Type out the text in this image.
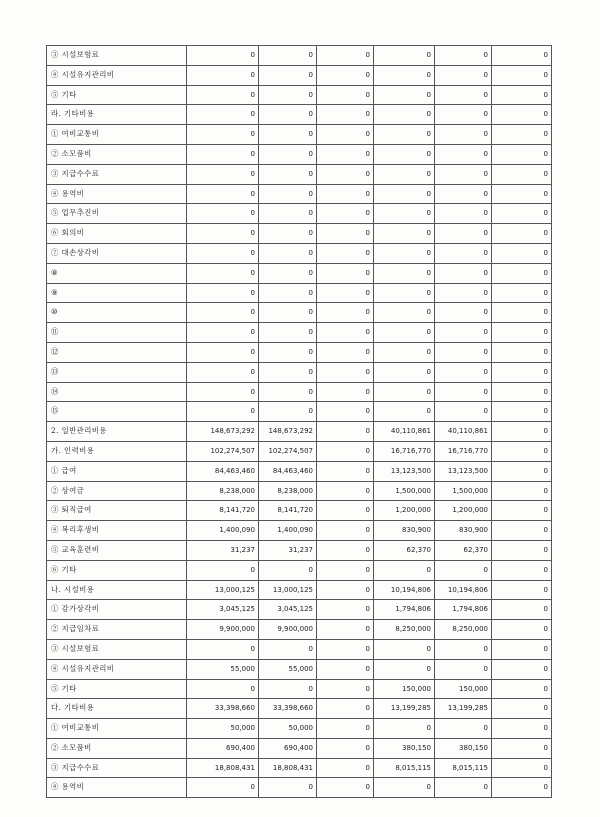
③ 시설보험료	0	0	0	0	0	0
④ 시설유지관리비	0	0	0	0	0	0
⑤ 기타	0	0	0	0	0	0
라. 기타비용	0	0	0	0	0	0
① 여비교통비	0	0	0	0	0	0
② 소모품비	0	0	0	0	0	0
③ 지급수수료	0	0	0	0	0	0
④ 용역비	0	0	0	0	0	0
⑤ 업무추진비	0	0	0	0	0	0
⑥ 회의비	0	0	0	0	0	0
⑦ 대손상각비	0	0	0	0	0	0
⑧	0	0	0	0	0	0
⑨	0	0	0	0	0	0
⑩	0	0	0	0	0	0
⑪	0	0	0	0	0	0
⑫	0	0	0	0	0	0
⑬	0	0	0	0	0	0
⑭	0	0	0	0	0	0
⑮	0	0	0	0	0	0
2. 일반관리비용	148,673,292	148,673,292	0	40,110,861	40,110,861	0
가. 인력비용	102,274,507	102,274,507	0	16,716,770	16,716,770	0
① 급여	84,463,460	84,463,460	0	13,123,500	13,123,500	0
② 상여금	8,238,000	8,238,000	0	1,500,000	1,500,000	0
③ 퇴직급여	8,141,720	8,141,720	0	1,200,000	1,200,000	0
④ 복리후생비	1,400,090	1,400,090	0	830,900	830,900	0
⑤ 교육훈련비	31,237	31,237	0	62,370	62,370	0
⑥ 기타	0	0	0	0	0	0
나. 시설비용	13,000,125	13,000,125	0	10,194,806	10,194,806	0
① 감가상각비	3,045,125	3,045,125	0	1,794,806	1,794,806	0
② 지급임차료	9,900,000	9,900,000	0	8,250,000	8,250,000	0
③ 시설보험료	0	0	0	0	0	0
④ 시설유지관리비	55,000	55,000	0	0	0	0
⑤ 기타	0	0	0	150,000	150,000	0
다. 기타비용	33,398,660	33,398,660	0	13,199,285	13,199,285	0
① 여비교통비	50,000	50,000	0	0	0	0
② 소모품비	690,400	690,400	0	380,150	380,150	0
③ 지급수수료	18,808,431	18,808,431	0	8,015,115	8,015,115	0
④ 용역비	0	0	0	0	0	0
